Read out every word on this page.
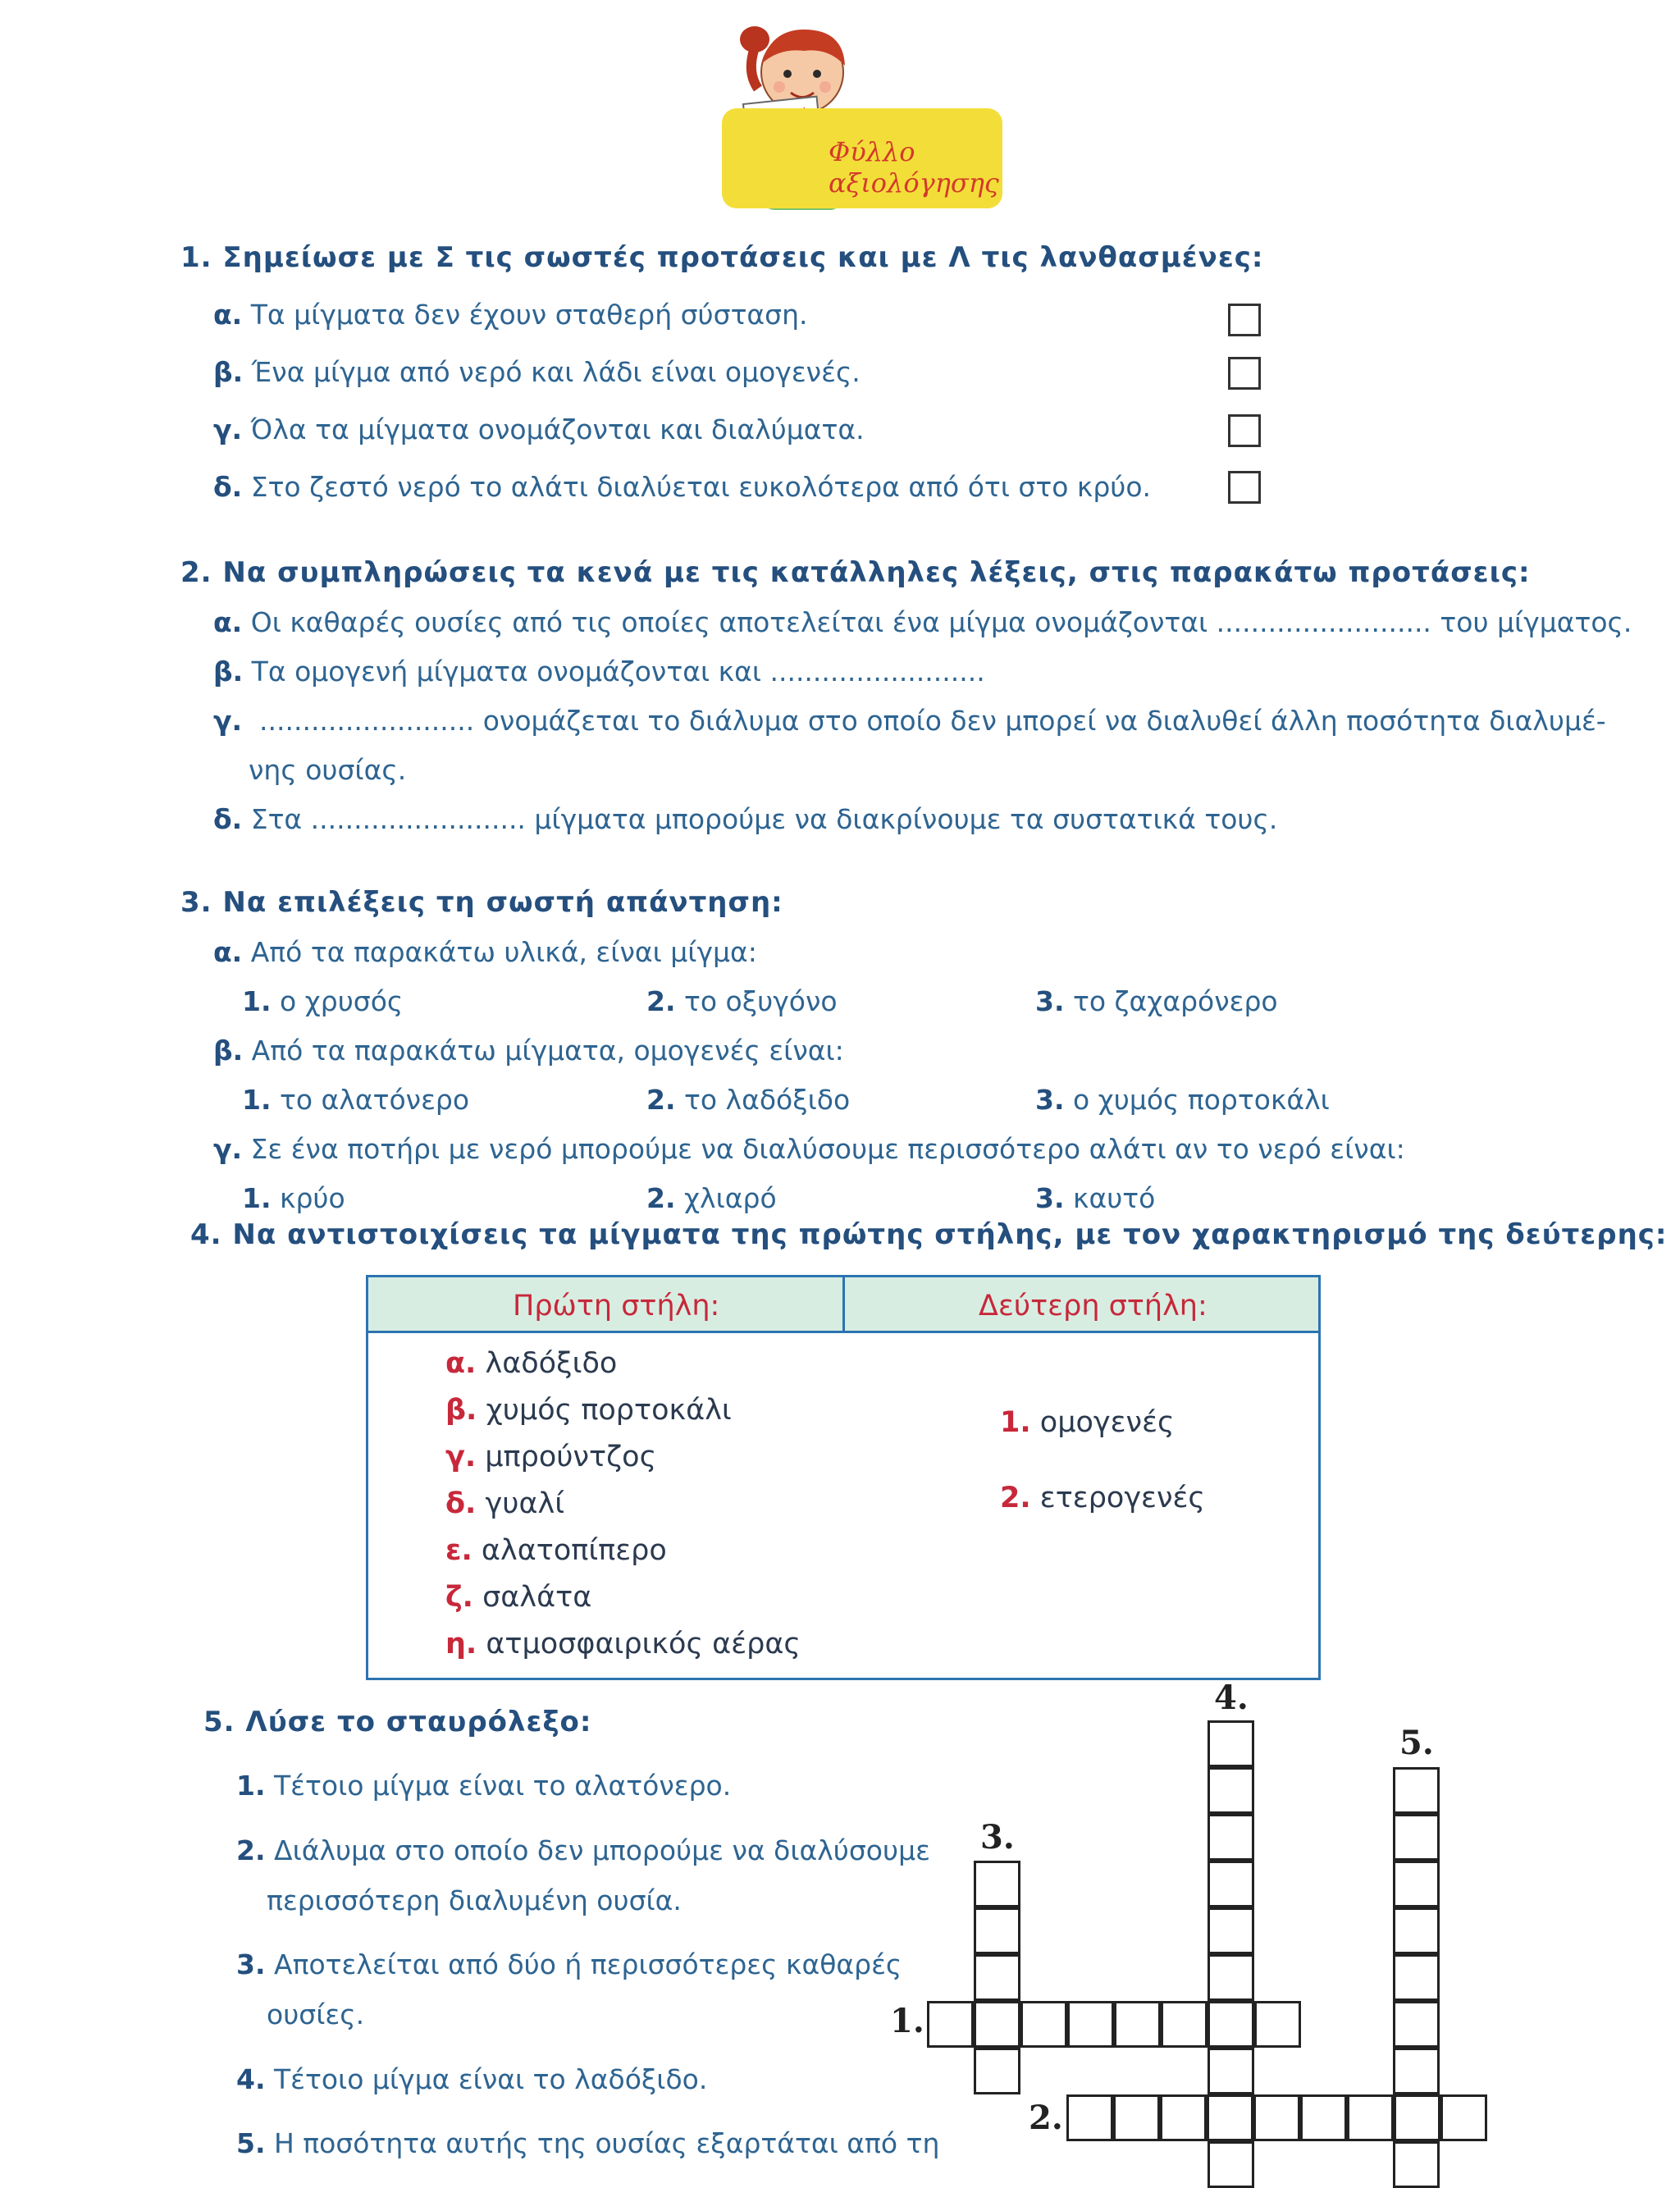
Φύλλο αξιολόγησης
1. Σημείωσε με Σ τις σωστές προτάσεις και με Λ τις λανθασμένες:
α. Τα μίγματα δεν έχουν σταθερή σύσταση.
β. Ένα μίγμα από νερό και λάδι είναι ομογενές.
γ. Όλα τα μίγματα ονομάζονται και διαλύματα.
δ. Στο ζεστό νερό το αλάτι διαλύεται ευκολότερα από ότι στο κρύο.
2. Να συμπληρώσεις τα κενά με τις κατάλληλες λέξεις, στις παρακάτω προτάσεις:
α. Οι καθαρές ουσίες από τις οποίες αποτελείται ένα μίγμα ονομάζονται ......................... του μίγματος.
β. Τα ομογενή μίγματα ονομάζονται και .........................
γ. ......................... ονομάζεται το διάλυμα στο οποίο δεν μπορεί να διαλυθεί άλλη ποσότητα διαλυμέ-
νης ουσίας.
δ. Στα ......................... μίγματα μπορούμε να διακρίνουμε τα συστατικά τους.
3. Να επιλέξεις τη σωστή απάντηση:
α. Από τα παρακάτω υλικά, είναι μίγμα:
1. ο χρυσός	2. το οξυγόνο	3. το ζαχαρόνερο
β. Από τα παρακάτω μίγματα, ομογενές είναι:
1. το αλατόνερο	2. το λαδόξιδο	3. ο χυμός πορτοκάλι
γ. Σε ένα ποτήρι με νερό μπορούμε να διαλύσουμε περισσότερο αλάτι αν το νερό είναι:
1. κρύο	2. χλιαρό	3. καυτό
4. Να αντιστοιχίσεις τα μίγματα της πρώτης στήλης, με τον χαρακτηρισμό της δεύτερης:
Πρώτη στήλη:	Δεύτερη στήλη:
α. λαδόξιδο
β. χυμός πορτοκάλι
γ. μπρούντζος
δ. γυαλί
ε. αλατοπίπερο
ζ. σαλάτα
η. ατμοσφαιρικός αέρας
1. ομογενές
2. ετερογενές
5. Λύσε το σταυρόλεξο:
1. Τέτοιο μίγμα είναι το αλατόνερο.
2. Διάλυμα στο οποίο δεν μπορούμε να διαλύσουμε
περισσότερη διαλυμένη ουσία.
3. Αποτελείται από δύο ή περισσότερες καθαρές
ουσίες.
4. Τέτοιο μίγμα είναι το λαδόξιδο.
5. Η ποσότητα αυτής της ουσίας εξαρτάται από τη
1.
2.
3.
4.
5.
